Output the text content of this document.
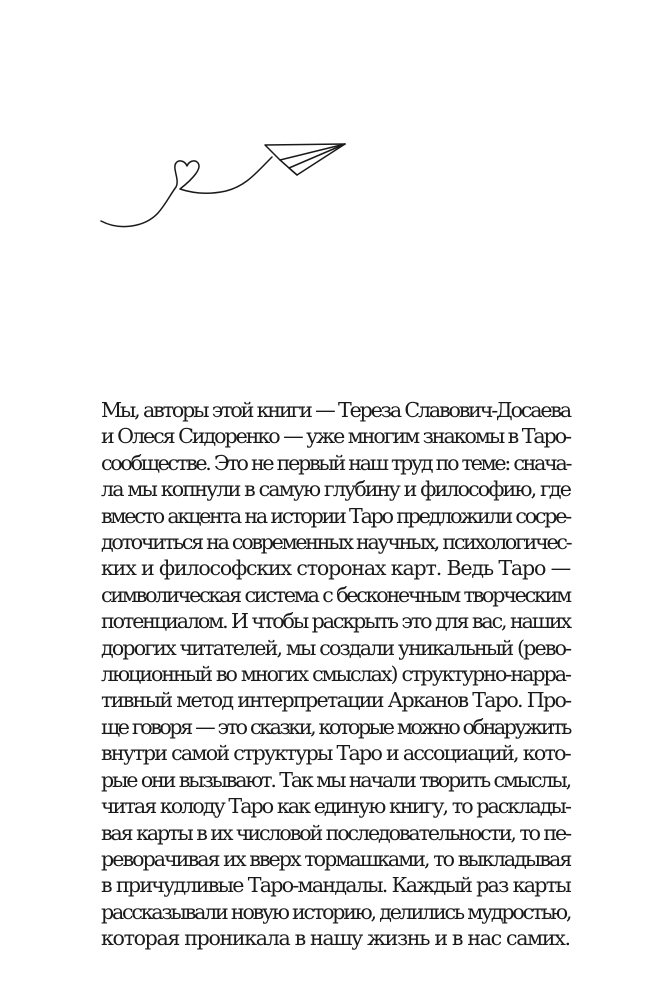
Мы, авторы этой книги — Тереза Славович-Досаева
и Олеся Сидоренко — уже многим знакомы в Таро-
сообществе. Это не первый наш труд по теме: снача-
ла мы копнули в самую глубину и философию, где
вместо акцента на истории Таро предложили сосре-
доточиться на современных научных, психологичес-
ких и философских сторонах карт. Ведь Таро —
символическая система с бесконечным творческим
потенциалом. И чтобы раскрыть это для вас, наших
дорогих читателей, мы создали уникальный (рево-
люционный во многих смыслах) структурно-нарра-
тивный метод интерпретации Арканов Таро. Про-
ще говоря — это сказки, которые можно обнаружить
внутри самой структуры Таро и ассоциаций, кото-
рые они вызывают. Так мы начали творить смыслы,
читая колоду Таро как единую книгу, то расклады-
вая карты в их числовой последовательности, то пе-
реворачивая их вверх тормашками, то выкладывая
в причудливые Таро-мандалы. Каждый раз карты
рассказывали новую историю, делились мудростью,
которая проникала в нашу жизнь и в нас самих.
